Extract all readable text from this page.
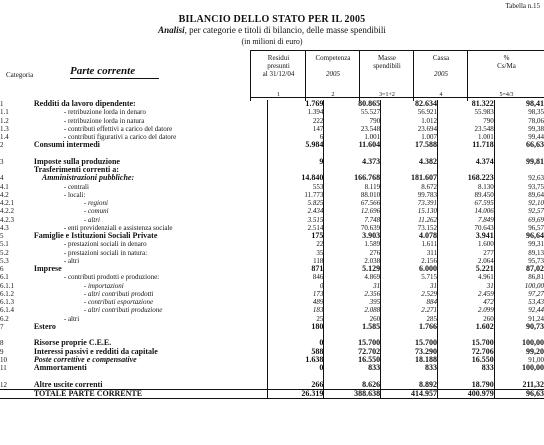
Tabella n.15
BILANCIO DELLO STATO PER IL 2005
Analisi, per categorie e titoli di bilancio, delle masse spendibili
(in milioni di euro)
Categoria	Parte corrente
Residui
presunti
al 31/12/04
1
Competenza

2005
2
Masse
spendibili

3=1+2
Cassa

2005
4
%
Cs/Ma

5=4/3
1	Redditi da lavoro dipendente:	1.769	80.865	82.634	81.322	98,41
1.1	- retribuzione lorda in denaro	1.394	55.527	56.921	55.983	98,35
1.2	- retribuzione lorda in natura	222	790	1.012	790	78,06
1.3	- contributi effettivi a carico del datore	147	23.548	23.694	23.548	99,38
1.4	- contributi figurativi a carico del datore	6	1.001	1.007	1.001	99,44
2	Consumi intermedi	5.984	11.604	17.588	11.718	66,63

3	Imposte sulla produzione	9	4.373	4.382	4.374	99,81
	Trasferimenti correnti a:					
4	Amministrazioni pubbliche:	14.840	166.768	181.607	168.223	92,63
4.1	- centrali	553	8.119	8.672	8.130	93,75
4.2	- locali:	11.773	88.010	99.783	89.450	89,64
4.2.1	- regioni	5.825	67.566	73.391	67.595	92,10
4.2.2	- comuni	2.434	12.696	15.130	14.006	92,57
4.2.3	- altri	3.515	7.748	11.262	7.849	69,69
4.3	- enti previdenziali e assistenza sociale	2.514	70.639	73.152	70.643	96,57
5	Famiglie e Istituzioni Sociali Private	175	3.903	4.078	3.941	96,64
5.1	- prestazioni sociali in denaro	22	1.589	1.611	1.600	99,31
5.2	- prestazioni sociali in natura:	35	276	311	277	89,13
5.3	- altri	118	2.038	2.156	2.064	95,73
6	Imprese	871	5.129	6.000	5.221	87,02
6.1	- contributi prodotti e produzione:	846	4.869	5.715	4.961	86,81
6.1.1	- importazioni	0	31	31	31	100,00
6.1.2	- altri contributi prodotti	173	2.356	2.529	2.459	97,27
6.1.3	- contributi esportazione	489	395	884	472	53,43
6.1.4	- altri contributi produzione	183	2.088	2.271	2.099	92,44
6.2	- altri	25	260	285	260	91,24
7	Estero	180	1.585	1.766	1.602	90,73

8	Risorse proprie C.E.E.	0	15.700	15.700	15.700	100,00
9	Interessi passivi e redditi da capitale	588	72.702	73.290	72.706	99,20
10	Poste correttive e compensative	1.638	16.550	18.188	16.550	91,00
11	Ammortamenti	0	833	833	833	100,00

12	Altre uscite correnti	266	8.626	8.892	18.790	211,32
	TOTALE PARTE CORRENTE	26.319	388.638	414.957	400.979	96,63
